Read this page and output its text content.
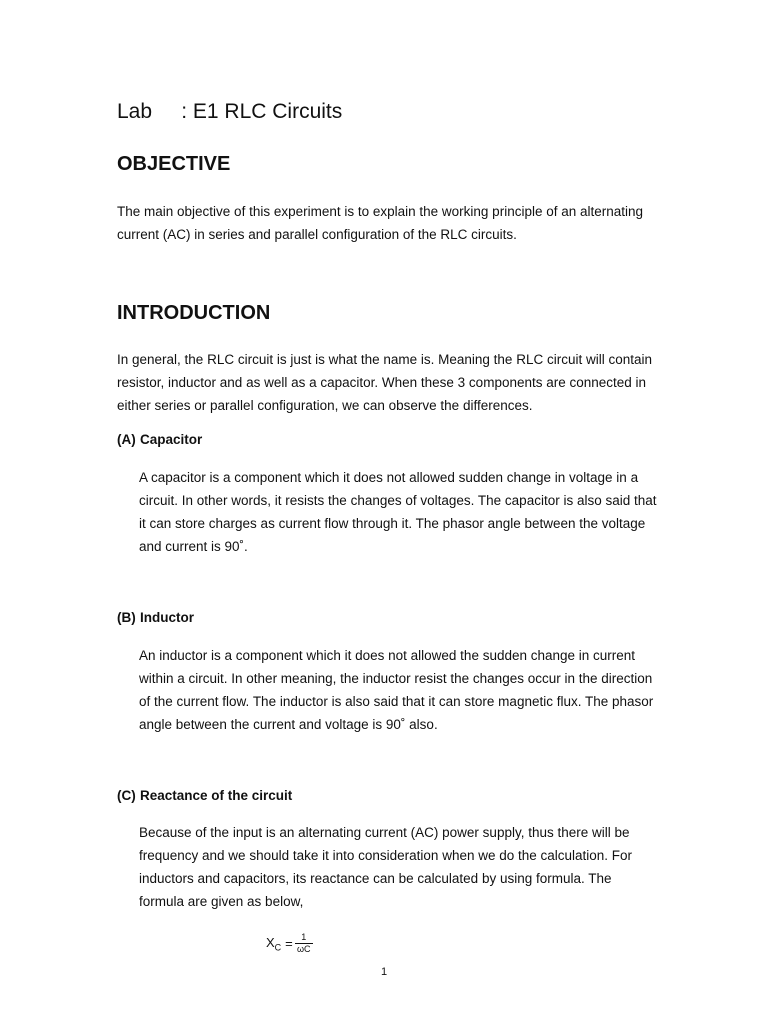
Lab     : E1 RLC Circuits
OBJECTIVE

The main objective of this experiment is to explain the working principle of an alternating current (AC) in series and parallel configuration of the RLC circuits.

INTRODUCTION

In general, the RLC circuit is just is what the name is. Meaning the RLC circuit will contain resistor, inductor and as well as a capacitor. When these 3 components are connected in either series or parallel configuration, we can observe the differences.

(A) Capacitor

A capacitor is a component which it does not allowed sudden change in voltage in a circuit. In other words, it resists the changes of voltages. The capacitor is also said that it can store charges as current flow through it. The phasor angle between the voltage and current is 90˚.

(B) Inductor

An inductor is a component which it does not allowed the sudden change in current within a circuit. In other meaning, the inductor resist the changes occur in the direction of the current flow. The inductor is also said that it can store magnetic flux. The phasor angle between the current and voltage is 90˚ also.

(C) Reactance of the circuit

Because of the input is an alternating current (AC) power supply, thus there will be frequency and we should take it into consideration when we do the calculation. For inductors and capacitors, its reactance can be calculated by using formula. The formula are given as below,

$X_C = \frac{1}{\omega C}$
1
